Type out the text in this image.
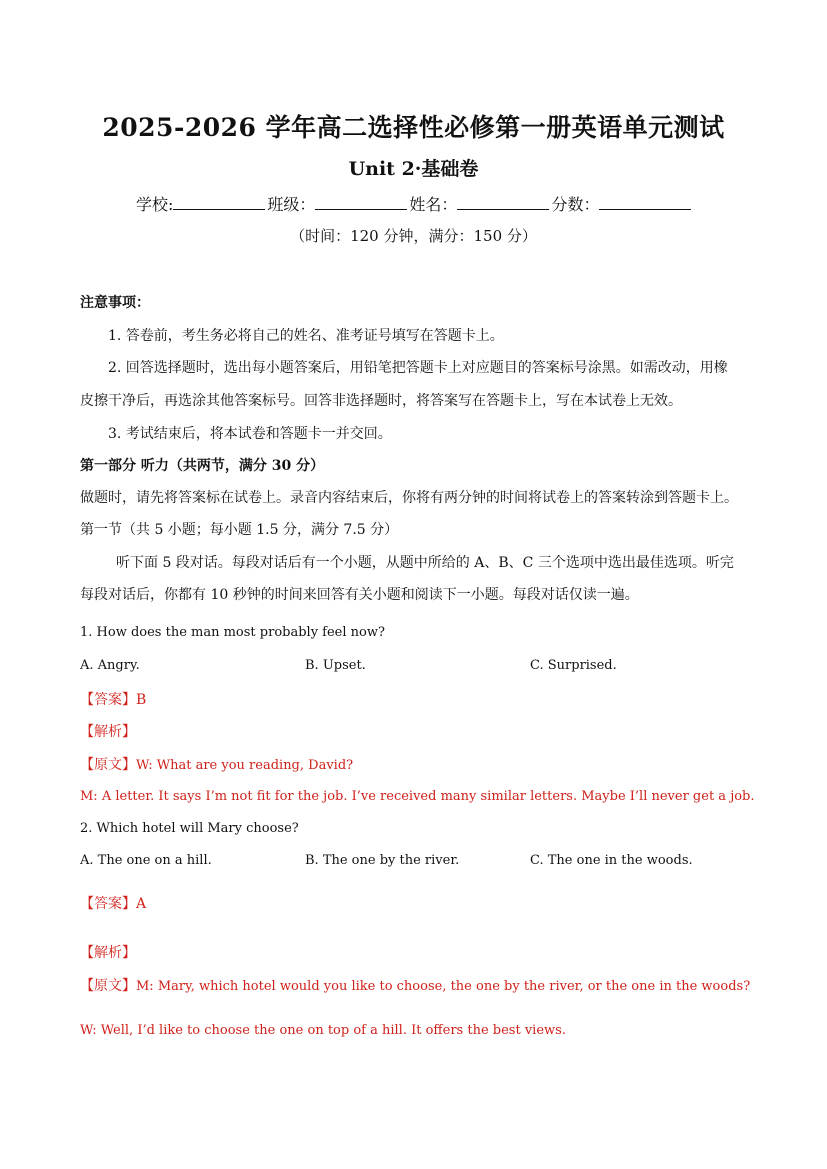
2025-2026 学年高二选择性必修第一册英语单元测试
Unit 2·基础卷
学校:	班级：	姓名：	分数：
（时间：120 分钟，满分：150 分）
注意事项：
1. 答卷前，考生务必将自己的姓名、准考证号填写在答题卡上。
2. 回答选择题时，选出每小题答案后，用铅笔把答题卡上对应题目的答案标号涂黑。如需改动，用橡
皮擦干净后，再选涂其他答案标号。回答非选择题时，将答案写在答题卡上，写在本试卷上无效。
3. 考试结束后，将本试卷和答题卡一并交回。
第一部分 听力（共两节，满分 30 分）
做题时，请先将答案标在试卷上。录音内容结束后，你将有两分钟的时间将试卷上的答案转涂到答题卡上。
第一节（共 5 小题；每小题 1.5 分，满分 7.5 分）
听下面 5 段对话。每段对话后有一个小题，从题中所给的 A、B、C 三个选项中选出最佳选项。听完
每段对话后，你都有 10 秒钟的时间来回答有关小题和阅读下一小题。每段对话仅读一遍。
1. How does the man most probably feel now?
A. Angry.	B. Upset.	C. Surprised.
【答案】B
【解析】
【原文】W: What are you reading, David?
M: A letter. It says I’m not fit for the job. I’ve received many similar letters. Maybe I’ll never get a job.
2. Which hotel will Mary choose?
A. The one on a hill.	B. The one by the river.	C. The one in the woods.
【答案】A
【解析】
【原文】M: Mary, which hotel would you like to choose, the one by the river, or the one in the woods?
W: Well, I’d like to choose the one on top of a hill. It offers the best views.
